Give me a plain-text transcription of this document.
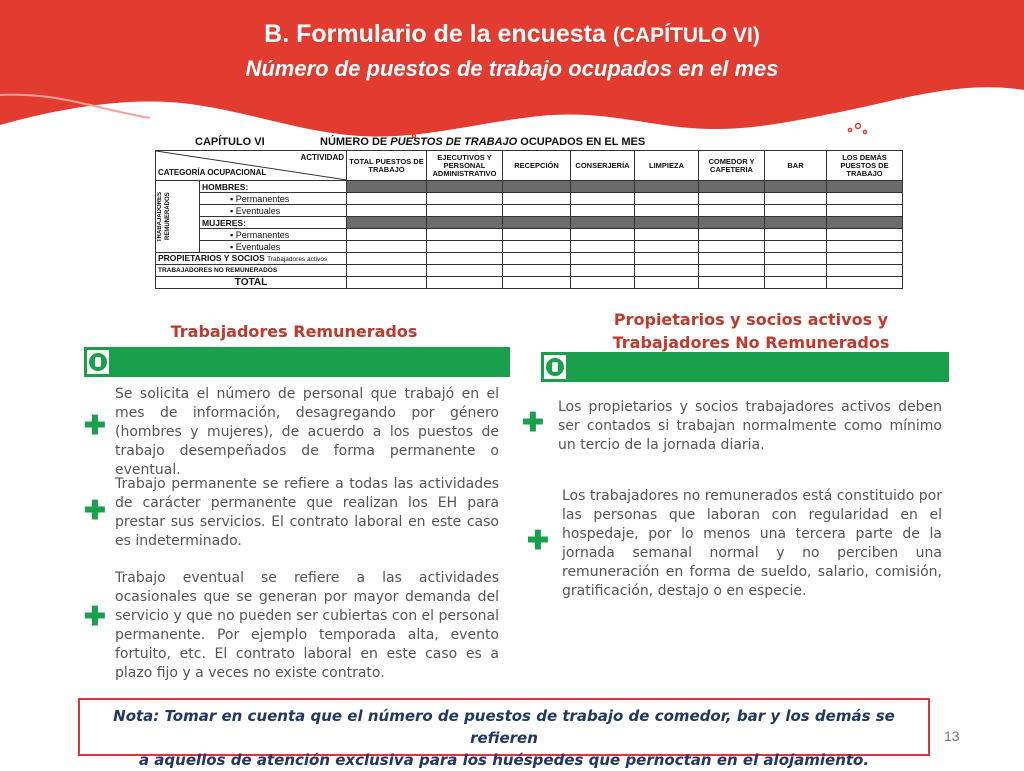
B. Formulario de la encuesta (CAPÍTULO VI)
Número de puestos de trabajo ocupados en el mes
CAPÍTULO VI	NÚMERO DE PUESTOS DE TRABAJO OCUPADOS EN EL MES
ACTIVIDAD
CATEGORÍA OCUPACIONAL		TOTAL PUESTOS DE TRABAJO	EJECUTIVOS Y PERSONAL ADMINISTRATIVO	RECEPCIÓN	CONSERJERÍA	LIMPIEZA	COMEDOR Y CAFETERIA	BAR	LOS DEMÁS PUESTOS DE TRABAJO

TRABAJADORES REMUNERADOS	HOMBRES:								
	▪ Permanentes								
	▪ Eventuales								
	MUJERES:								
	▪ Permanentes								
	▪ Eventuales								
PROPIETARIOS Y SOCIOS Trabajadores activos									
TRABAJADORES NO REMUNERADOS									
TOTAL									
Trabajadores Remunerados
✚
Se solicita el número de personal que trabajó en el mes de información, desagregando por género (hombres y mujeres), de acuerdo a los puestos de trabajo desempeñados de forma permanente o eventual.
✚
Trabajo permanente se refiere a todas las actividades de carácter permanente que realizan los EH para prestar sus servicios. El contrato laboral en este caso es indeterminado.
✚
Trabajo eventual se refiere a las actividades ocasionales que se generan por mayor demanda del servicio y que no pueden ser cubiertas con el personal permanente. Por ejemplo temporada alta, evento fortuito, etc. El contrato laboral en este caso es a plazo fijo y a veces no existe contrato.
Propietarios y socios activos y
Trabajadores No Remunerados
✚ Los propietarios y socios trabajadores activos deben ser contados si trabajan normalmente como mínimo un tercio de la jornada diaria.
✚
Los trabajadores no remunerados está constituido por las personas que laboran con regularidad en el hospedaje, por lo menos una tercera parte de la jornada semanal normal y no perciben una remuneración en forma de sueldo, salario, comisión, gratificación, destajo o en especie.
Nota: Tomar en cuenta que el número de puestos de trabajo de comedor, bar y los demás se refieren
a aquellos de atención exclusiva para los huéspedes que pernoctan en el alojamiento.
13
